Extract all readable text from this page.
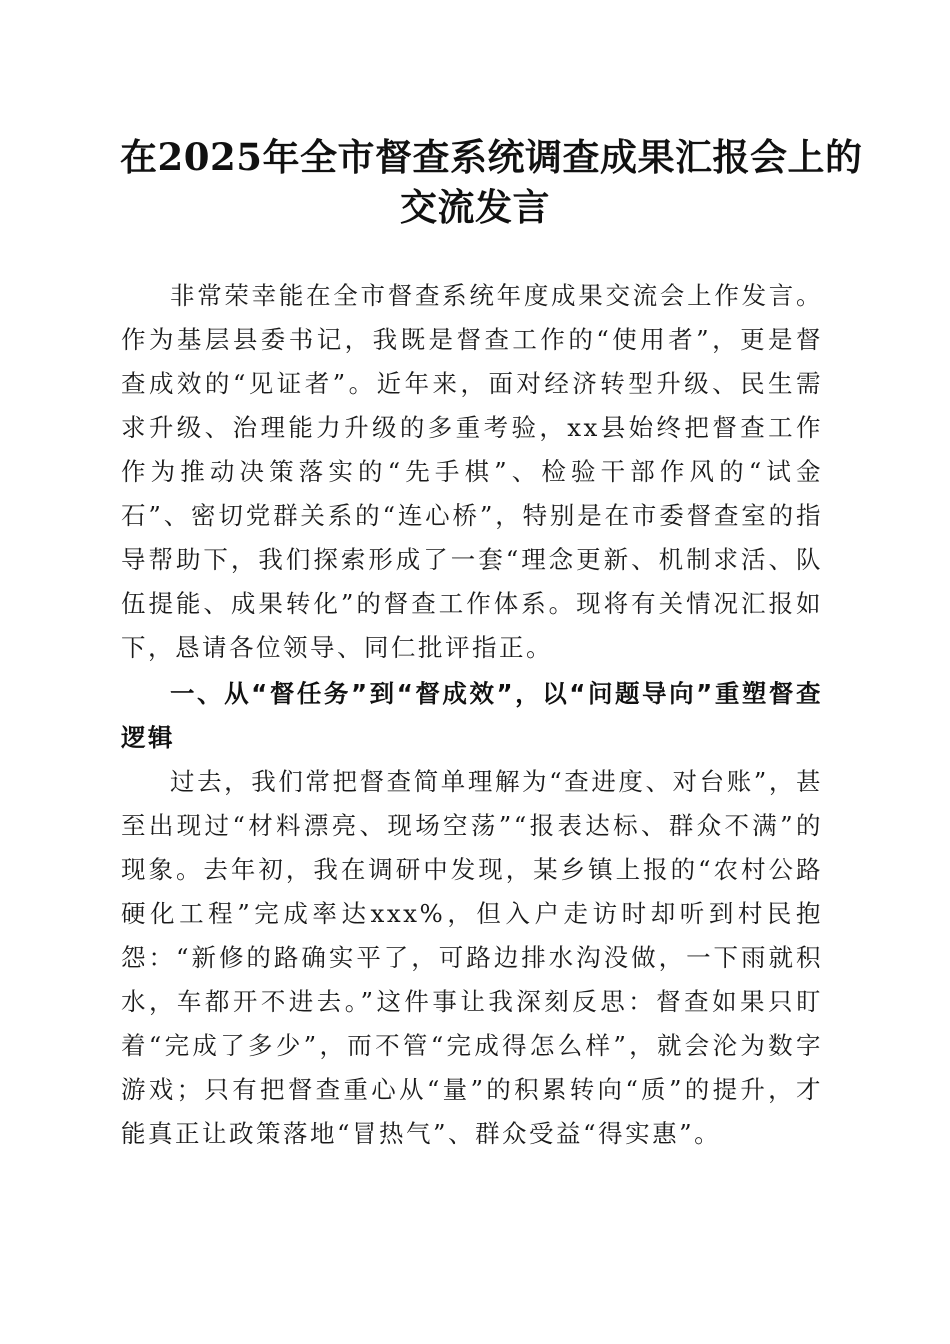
在2025年全市督查系统调查成果汇报会上的
交流发言

非常荣幸能在全市督查系统年度成果交流会上作发言。作为基层县委书记，我既是督查工作的“使用者”，更是督查成效的“见证者”。近年来，面对经济转型升级、民生需求升级、治理能力升级的多重考验，xx县始终把督查工作作为推动决策落实的“先手棋”、检验干部作风的“试金石”、密切党群关系的“连心桥”，特别是在市委督查室的指导帮助下，我们探索形成了一套“理念更新、机制求活、队伍提能、成果转化”的督查工作体系。现将有关情况汇报如下，恳请各位领导、同仁批评指正。

一、从“督任务”到“督成效”，以“问题导向”重塑督查逻辑

过去，我们常把督查简单理解为“查进度、对台账”，甚至出现过“材料漂亮、现场空荡”“报表达标、群众不满”的现象。去年初，我在调研中发现，某乡镇上报的“农村公路硬化工程”完成率达xxx%，但入户走访时却听到村民抱怨：“新修的路确实平了，可路边排水沟没做，一下雨就积水，车都开不进去。”这件事让我深刻反思：督查如果只盯着“完成了多少”，而不管“完成得怎么样”，就会沦为数字游戏；只有把督查重心从“量”的积累转向“质”的提升，才能真正让政策落地“冒热气”、群众受益“得实惠”。
